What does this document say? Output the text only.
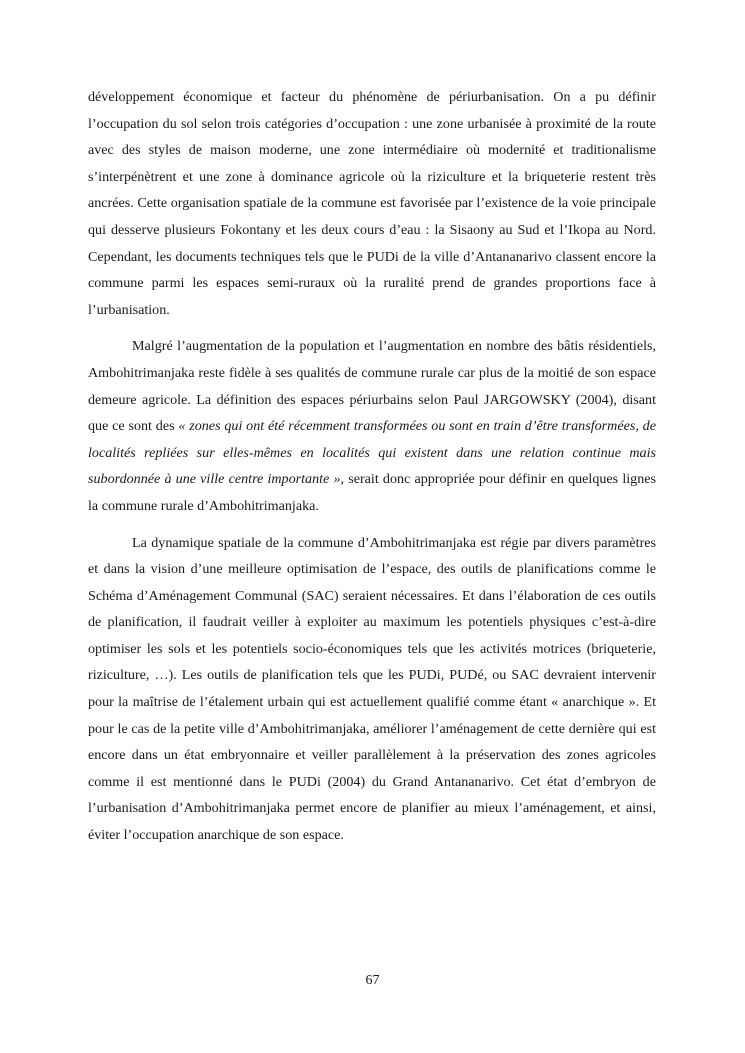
développement économique et facteur du phénomène de périurbanisation. On a pu définir l’occupation du sol selon trois catégories d’occupation : une zone urbanisée à proximité de la route avec des styles de maison moderne, une zone intermédiaire où modernité et traditionalisme s’interpénètrent et une zone à dominance agricole où la riziculture et la briqueterie restent très ancrées. Cette organisation spatiale de la commune est favorisée par l’existence de la voie principale qui desserve plusieurs Fokontany et les deux cours d’eau : la Sisaony au Sud et l’Ikopa au Nord. Cependant, les documents techniques tels que le PUDi de la ville d’Antananarivo classent encore la commune parmi les espaces semi-ruraux où la ruralité prend de grandes proportions face à l’urbanisation.

Malgré l’augmentation de la population et l’augmentation en nombre des bâtis résidentiels, Ambohitrimanjaka reste fidèle à ses qualités de commune rurale car plus de la moitié de son espace demeure agricole. La définition des espaces périurbains selon Paul JARGOWSKY (2004), disant que ce sont des « zones qui ont été récemment transformées ou sont en train d’être transformées, de localités repliées sur elles-mêmes en localités qui existent dans une relation continue mais subordonnée à une ville centre importante », serait donc appropriée pour définir en quelques lignes la commune rurale d’Ambohitrimanjaka.

La dynamique spatiale de la commune d’Ambohitrimanjaka est régie par divers paramètres et dans la vision d’une meilleure optimisation de l’espace, des outils de planifications comme le Schéma d’Aménagement Communal (SAC) seraient nécessaires. Et dans l’élaboration de ces outils de planification, il faudrait veiller à exploiter au maximum les potentiels physiques c’est-à-dire optimiser les sols et les potentiels socio-économiques tels que les activités motrices (briqueterie, riziculture, …). Les outils de planification tels que les PUDi, PUDé, ou SAC devraient intervenir pour la maîtrise de l’étalement urbain qui est actuellement qualifié comme étant « anarchique ». Et pour le cas de la petite ville d’Ambohitrimanjaka, améliorer l’aménagement de cette dernière qui est encore dans un état embryonnaire et veiller parallèlement à la préservation des zones agricoles comme il est mentionné dans le PUDi (2004) du Grand Antananarivo. Cet état d’embryon de l’urbanisation d’Ambohitrimanjaka permet encore de planifier au mieux l’aménagement, et ainsi, éviter l’occupation anarchique de son espace.

67
